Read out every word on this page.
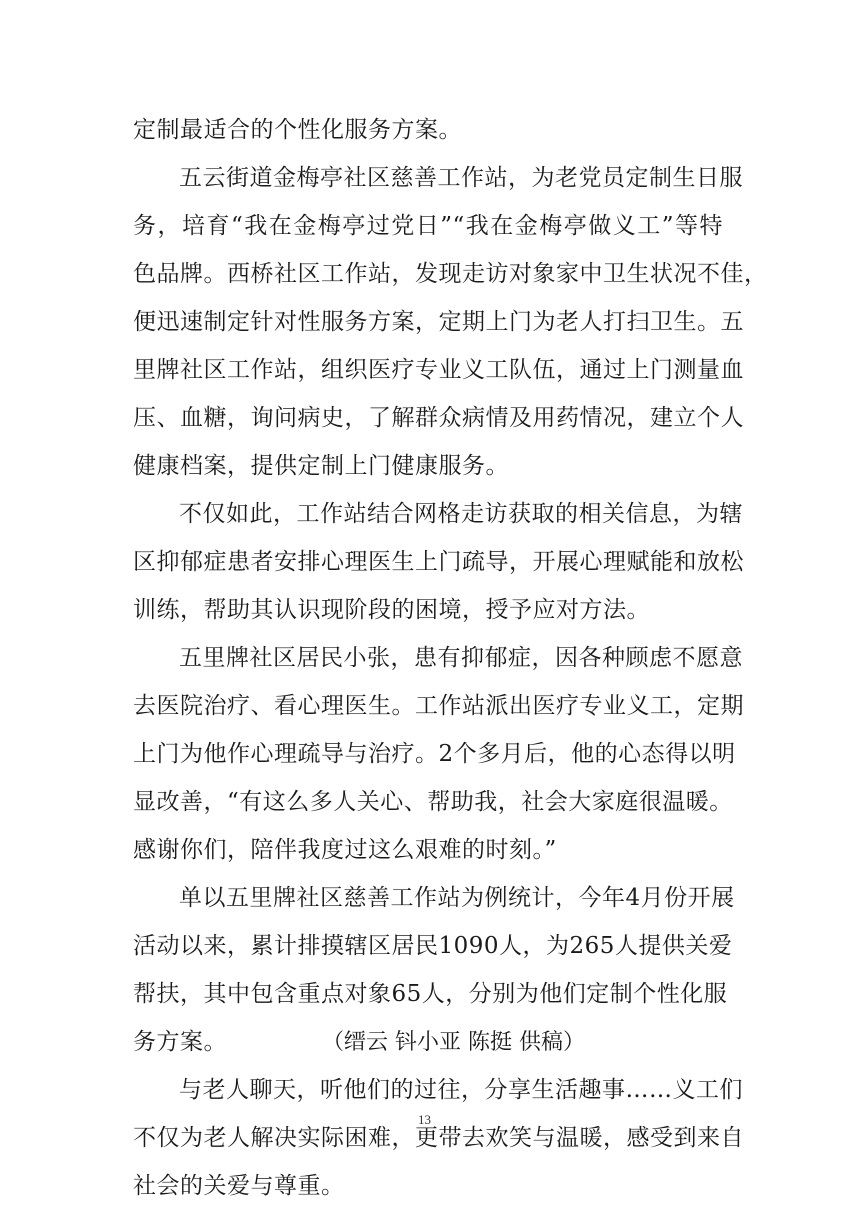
定制最适合的个性化服务方案。
五云街道金梅亭社区慈善工作站，为老党员定制生日服
务，培育“我在金梅亭过党日”“我在金梅亭做义工”等特
色品牌。西桥社区工作站，发现走访对象家中卫生状况不佳，
便迅速制定针对性服务方案，定期上门为老人打扫卫生。五
里牌社区工作站，组织医疗专业义工队伍，通过上门测量血
压、血糖，询问病史，了解群众病情及用药情况，建立个人
健康档案，提供定制上门健康服务。
不仅如此，工作站结合网格走访获取的相关信息，为辖
区抑郁症患者安排心理医生上门疏导，开展心理赋能和放松
训练，帮助其认识现阶段的困境，授予应对方法。
五里牌社区居民小张，患有抑郁症，因各种顾虑不愿意
去医院治疗、看心理医生。工作站派出医疗专业义工，定期
上门为他作心理疏导与治疗。2个多月后，他的心态得以明
显改善，“有这么多人关心、帮助我，社会大家庭很温暖。
感谢你们，陪伴我度过这么艰难的时刻。”
单以五里牌社区慈善工作站为例统计，今年4月份开展
活动以来，累计排摸辖区居民1090人，为265人提供关爱
帮扶，其中包含重点对象65人，分别为他们定制个性化服
务方案。
与老人聊天，听他们的过往，分享生活趣事……义工们
不仅为老人解决实际困难，更带去欢笑与温暖，感受到来自
社会的关爱与尊重。
（缙云 钭小亚 陈挺 供稿）
13
